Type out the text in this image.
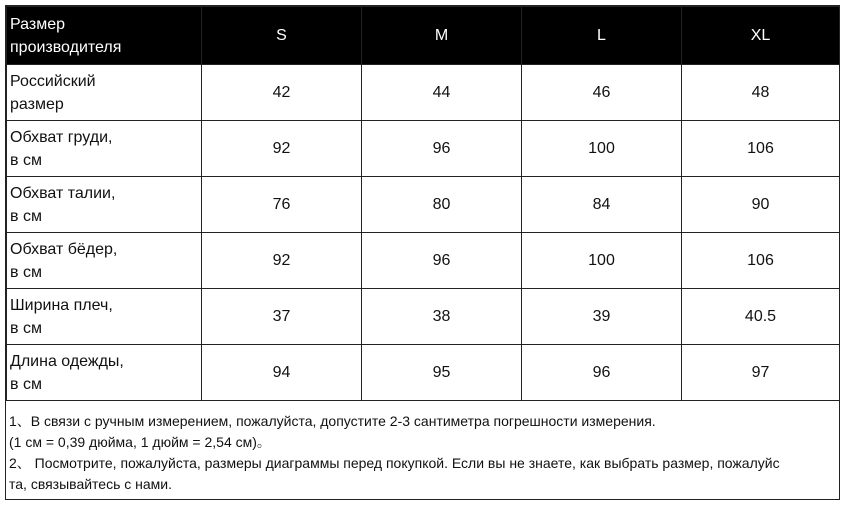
Размер
производителя	S	M	L	XL

Российский
размер	42	44	46	48

Обхват груди,
в см	92	96	100	106

Обхват талии,
в см	76	80	84	90

Обхват бёдер,
в см	92	96	100	106

Ширина плеч,
в см	37	38	39	40.5

Длина одежды,
в см	94	95	96	97
1、В связи с ручным измерением, пожалуйста, допустите 2-3 сантиметра погрешности измерения.
(1 см = 0,39 дюйма, 1 дюйм = 2,54 см)。
2、 Посмотрите, пожалуйста, размеры диаграммы перед покупкой. Если вы не знаете, как выбрать размер, пожалуйс
та, связывайтесь с нами.
